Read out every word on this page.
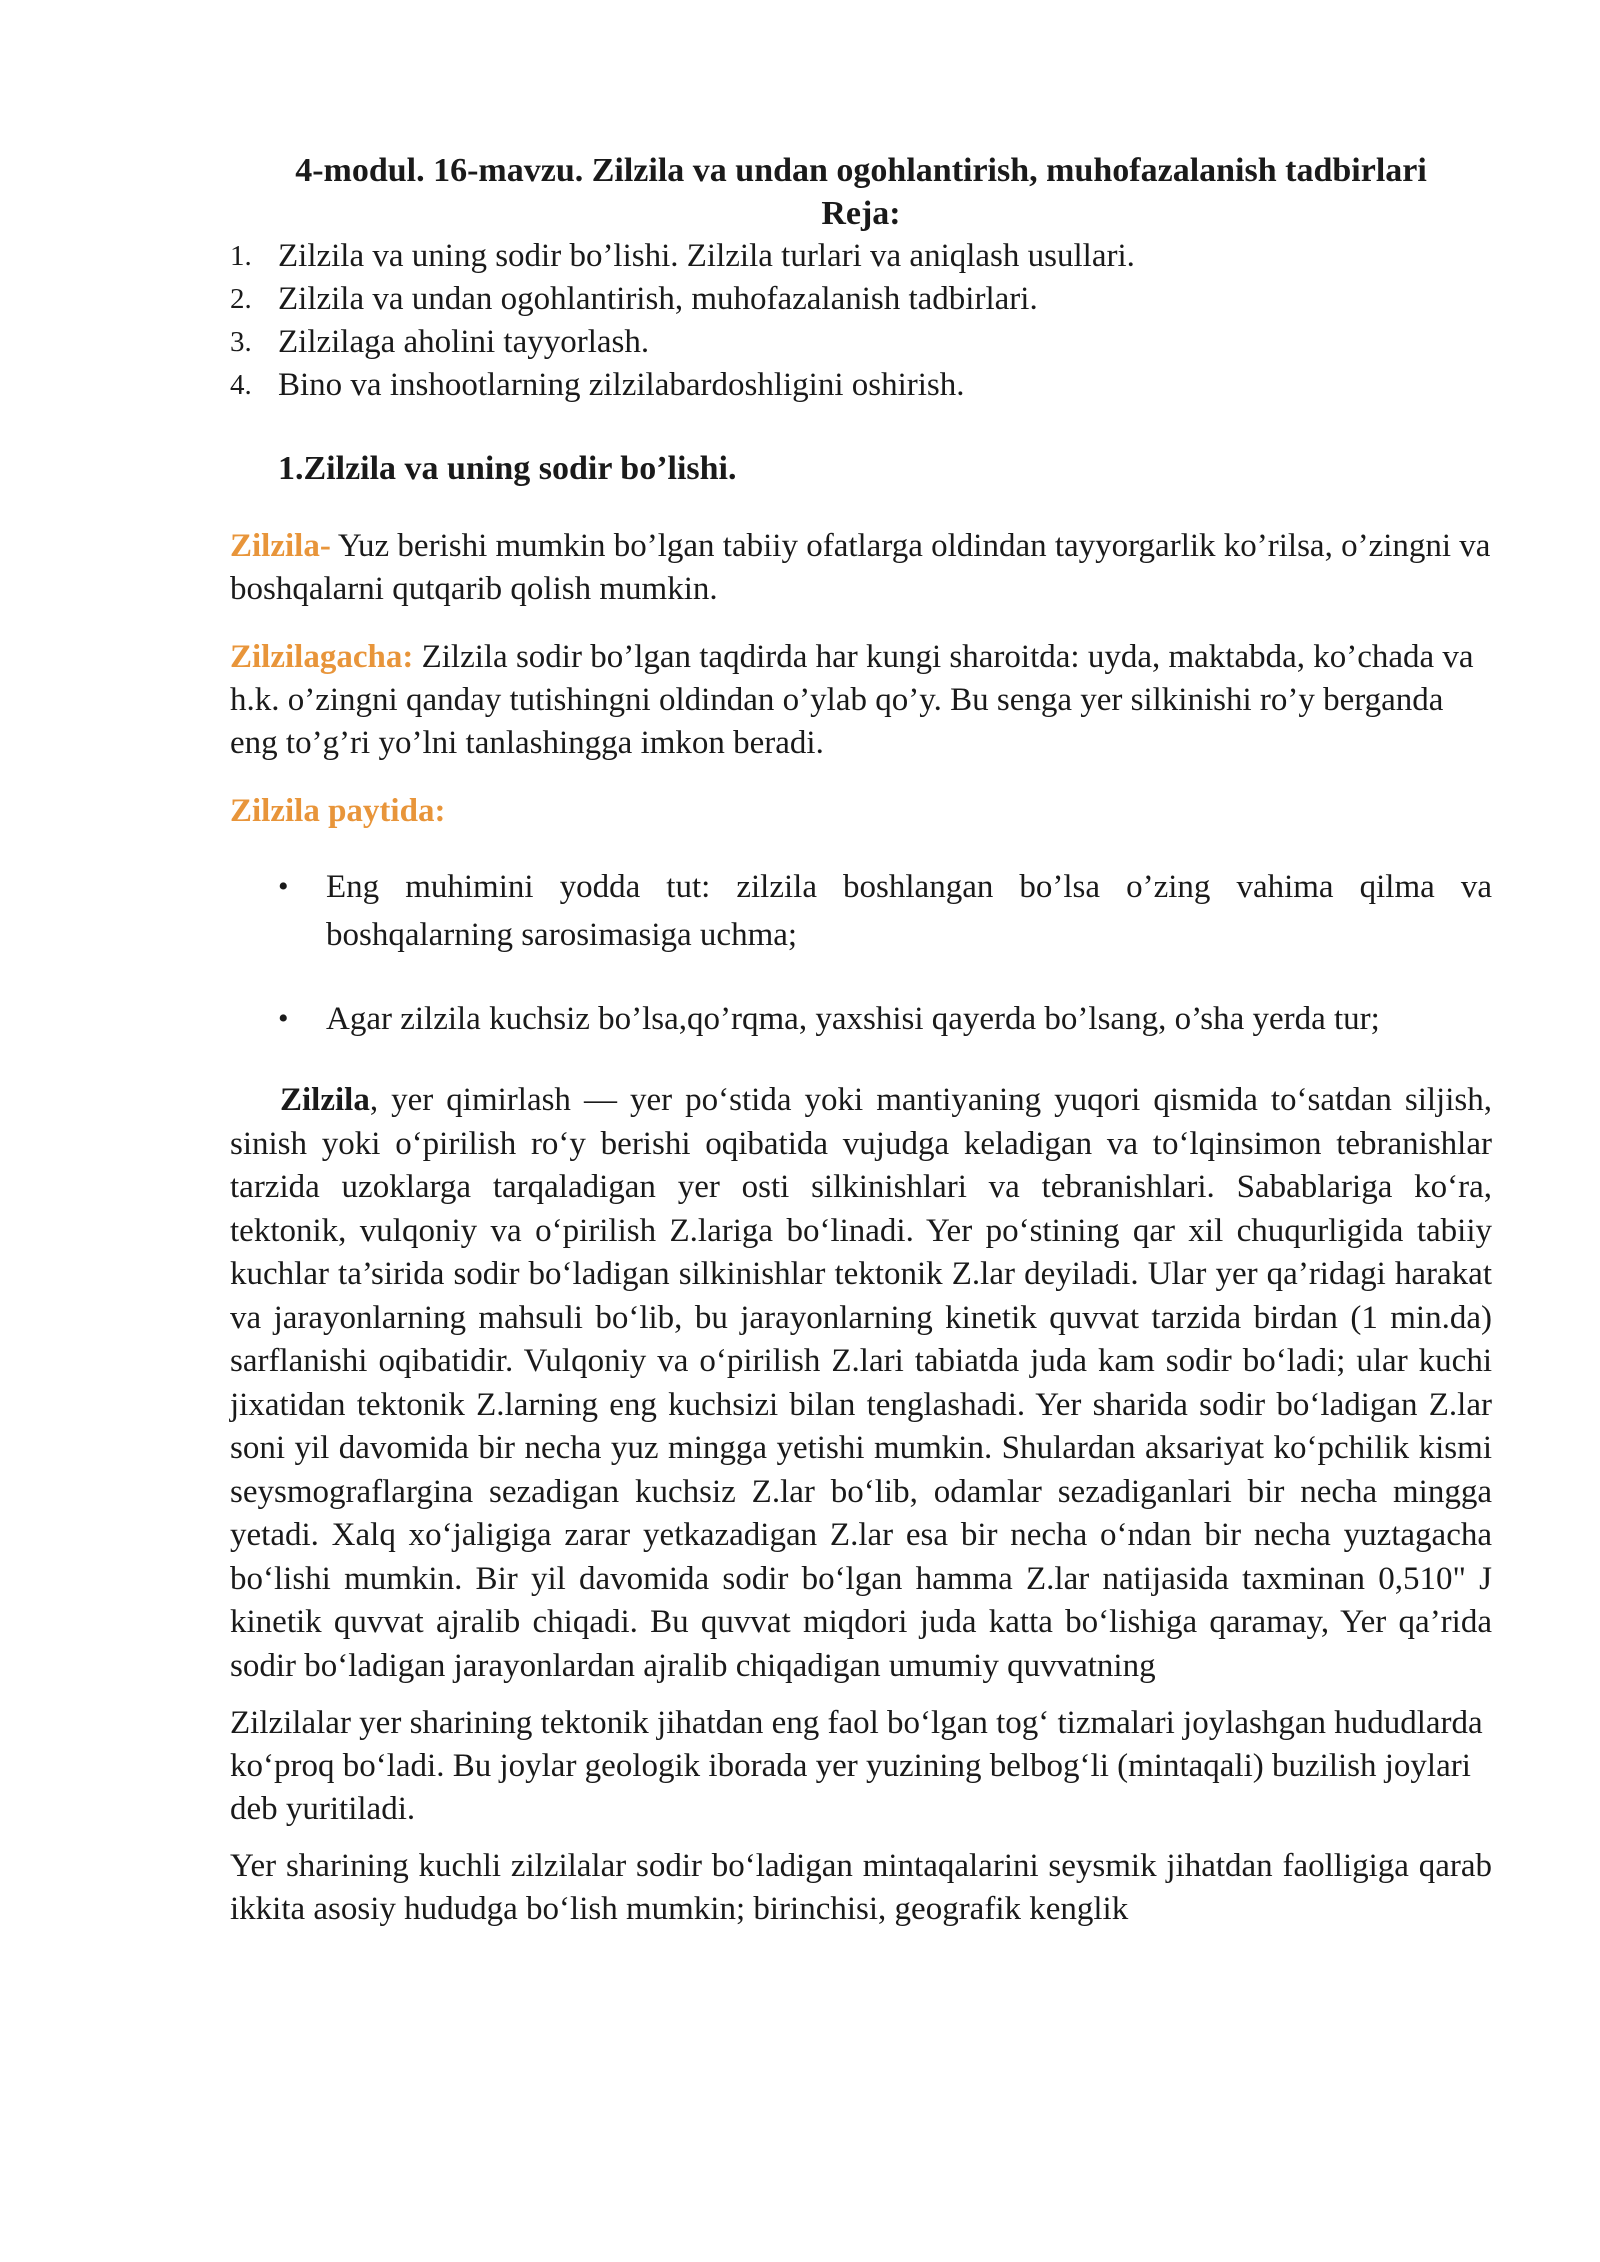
4-modul. 16-mavzu. Zilzila va undan ogohlantirish, muhofazalanish tadbirlari

Reja:

1. Zilzila va uning sodir bo’lishi. Zilzila turlari va aniqlash usullari.
2. Zilzila va undan ogohlantirish, muhofazalanish tadbirlari.
3. Zilzilaga aholini tayyorlash.
4. Bino va inshootlarning zilzilabardoshligini oshirish.

1.Zilzila va uning sodir bo’lishi.

Zilzila- Yuz berishi mumkin bo’lgan tabiiy ofatlarga oldindan tayyorgarlik ko’rilsa, o’zingni va boshqalarni qutqarib qolish mumkin.

Zilzilagacha: Zilzila sodir bo’lgan taqdirda har kungi sharoitda: uyda, maktabda, ko’chada va h.k. o’zingni qanday tutishingni oldindan o’ylab qo’y. Bu senga yer silkinishi ro’y berganda eng to’g’ri yo’lni tanlashingga imkon beradi.

Zilzila paytida:

• Eng muhimini yodda tut: zilzila boshlangan bo’lsa o’zing vahima qilma va boshqalarning sarosimasiga uchma;
• Agar zilzila kuchsiz bo’lsa,qo’rqma, yaxshisi qayerda bo’lsang, o’sha yerda tur;

Zilzila, yer qimirlash — yer po‘stida yoki mantiyaning yuqori qismida to‘satdan siljish, sinish yoki o‘pirilish ro‘y berishi oqibatida vujudga keladigan va to‘lqinsimon tebranishlar tarzida uzoklarga tarqaladigan yer osti silkinishlari va tebranishlari. Sabablariga ko‘ra, tektonik, vulqoniy va o‘pirilish Z.lariga bo‘linadi. Yer po‘stining qar xil chuqurligida tabiiy kuchlar ta’sirida sodir bo‘ladigan silkinishlar tektonik Z.lar deyiladi. Ular yer qa’ridagi harakat va jarayonlarning mahsuli bo‘lib, bu jarayonlarning kinetik quvvat tarzida birdan (1 min.da) sarflanishi oqibatidir. Vulqoniy va o‘pirilish Z.lari tabiatda juda kam sodir bo‘ladi; ular kuchi jixatidan tektonik Z.larning eng kuchsizi bilan tenglashadi. Yer sharida sodir bo‘ladigan Z.lar soni yil davomida bir necha yuz mingga yetishi mumkin. Shulardan aksariyat ko‘pchilik kismi seysmograflargina sezadigan kuchsiz Z.lar bo‘lib, odamlar sezadiganlari bir necha mingga yetadi. Xalq xo‘jaligiga zarar yetkazadigan Z.lar esa bir necha o‘ndan bir necha yuztagacha bo‘lishi mumkin. Bir yil davomida sodir bo‘lgan hamma Z.lar natijasida taxminan 0,510" J kinetik quvvat ajralib chiqadi. Bu quvvat miqdori juda katta bo‘lishiga qaramay, Yer qa’rida sodir bo‘ladigan jarayonlardan ajralib chiqadigan umumiy quvvatning

Zilzilalar yer sharining tektonik jihatdan eng faol bo‘lgan tog‘ tizmalari joylashgan hududlarda ko‘proq bo‘ladi. Bu joylar geologik iborada yer yuzining belbog‘li (mintaqali) buzilish joylari deb yuritiladi.

Yer sharining kuchli zilzilalar sodir bo‘ladigan mintaqalarini seysmik jihatdan faolligiga qarab ikkita asosiy hududga bo‘lish mumkin; birinchisi, geografik kenglik
